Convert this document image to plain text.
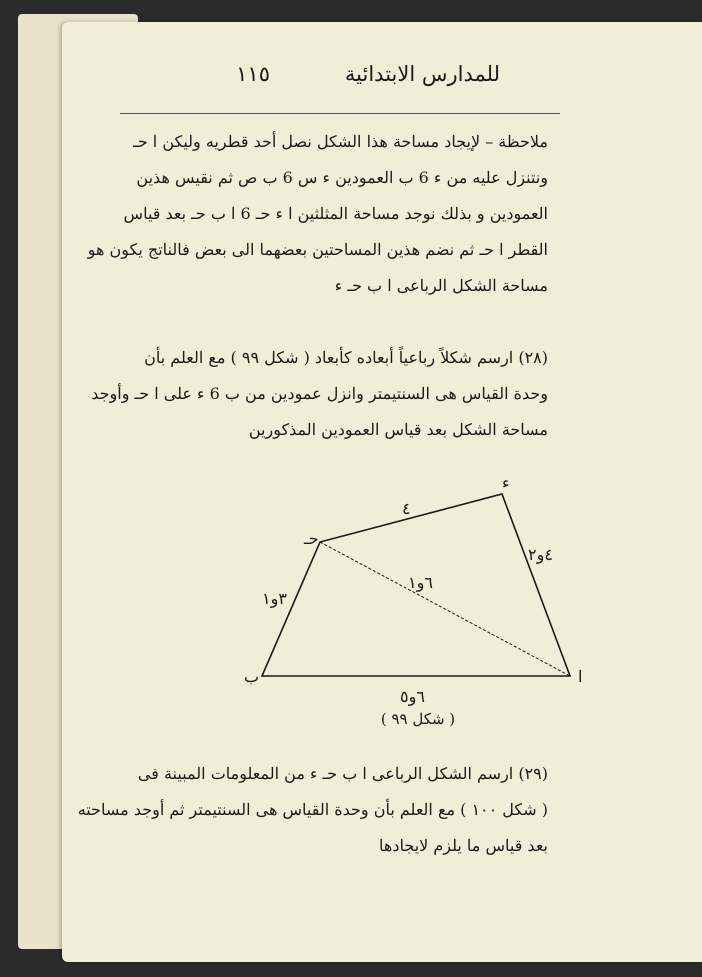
للمدارس الابتدائية
١١٥
ملاحظة – لإيجاد مساحة هذا الشكل نصل أحد قطريه وليكن ا حـ
ونتنزل عليه من ء 6 ب العمودين ء س 6 ب ص ثم نقيس هذين
العمودين و بذلك نوجد مساحة المثلثين ا ء حـ 6 ا ب حـ بعد قياس
القطر ا حـ ثم نضم هذين المساحتين بعضهما الى بعض فالناتج يكون هو
مساحة الشكل الرباعى ا ب حـ ء
(٢٨) ارسم شكلاً رباعياً أبعاده كأبعاد ( شكل ٩٩ ) مع العلم بأن
وحدة القياس هى السنتيمتر وانزل عمودين من ب 6 ء على ا حـ وأوجد
مساحة الشكل بعد قياس العمودين المذكورين
ا
ب
حـ
ء
٦و٥
٣و١
٤
٤و٢
٦و١
( شكل ٩٩ )
(٢٩) ارسم الشكل الرباعى ا ب حـ ء من المعلومات المبينة فى
( شكل ١٠٠ ) مع العلم بأن وحدة القياس هى السنتيمتر ثم أوجد مساحته
بعد قياس ما يلزم لايجادها
